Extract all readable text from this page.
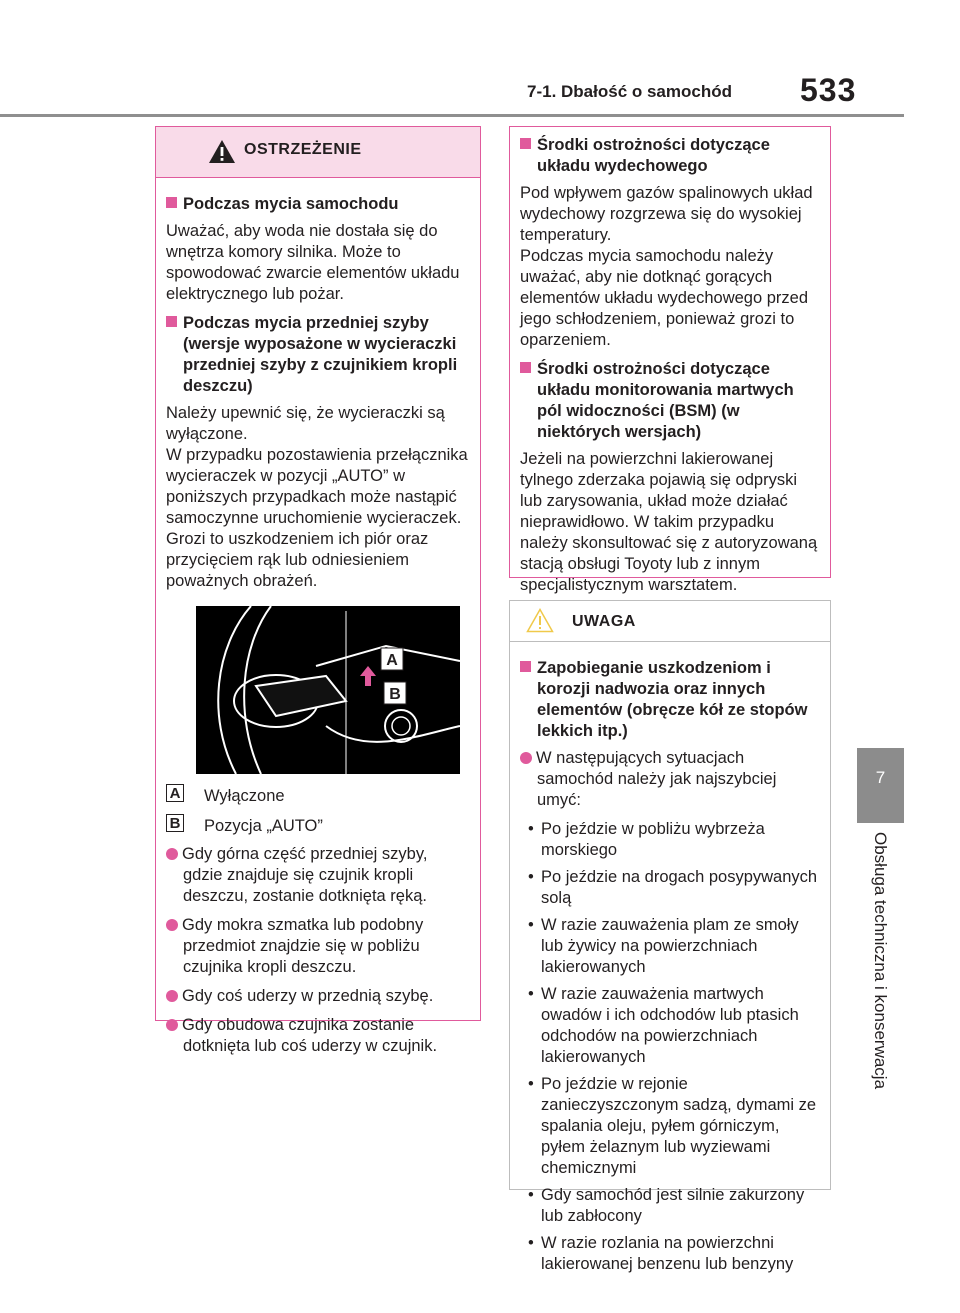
7-1. Dbałość o samochód 533
7
Obsługa techniczna i konserwacja
OSTRZEŻENIE
Podczas mycia samochodu
Uważać, aby woda nie dostała się do wnętrza komory silnika. Może to spowodować zwarcie elementów układu elektrycznego lub pożar.
Podczas mycia przedniej szyby (wersje wyposażone w wycieraczki przedniej szyby z czujnikiem kropli deszczu)
Należy upewnić się, że wycieraczki są wyłączone.
W przypadku pozostawienia przełącznika wycieraczek w pozycji „AUTO” w poniższych przypadkach może nastąpić samoczynne uruchomienie wycieraczek. Grozi to uszkodzeniem ich piór oraz przycięciem rąk lub odniesieniem poważnych obrażeń.
A
B
A Wyłączone
B Pozycja „AUTO”
Gdy górna część przedniej szyby, gdzie znajduje się czujnik kropli deszczu, zostanie dotknięta ręką.
Gdy mokra szmatka lub podobny przedmiot znajdzie się w pobliżu czujnika kropli deszczu.
Gdy coś uderzy w przednią szybę.
Gdy obudowa czujnika zostanie dotknięta lub coś uderzy w czujnik.
Środki ostrożności dotyczące układu wydechowego
Pod wpływem gazów spalinowych układ wydechowy rozgrzewa się do wysokiej temperatury.
Podczas mycia samochodu należy uważać, aby nie dotknąć gorących elementów układu wydechowego przed jego schłodzeniem, ponieważ grozi to oparzeniem.
Środki ostrożności dotyczące układu monitorowania martwych pól widoczności (BSM) (w niektórych wersjach)
Jeżeli na powierzchni lakierowanej tylnego zderzaka pojawią się odpryski lub zarysowania, układ może działać nieprawidłowo. W takim przypadku należy skonsultować się z autoryzowaną stacją obsługi Toyoty lub z innym specjalistycznym warsztatem.
UWAGA
Zapobieganie uszkodzeniom i korozji nadwozia oraz innych elementów (obręcze kół ze stopów lekkich itp.)
W następujących sytuacjach samochód należy jak najszybciej umyć:
• Po jeździe w pobliżu wybrzeża morskiego
• Po jeździe na drogach posypywanych solą
• W razie zauważenia plam ze smoły lub żywicy na powierzchniach lakierowanych
• W razie zauważenia martwych owadów i ich odchodów lub ptasich odchodów na powierzchniach lakierowanych
• Po jeździe w rejonie zanieczyszczonym sadzą, dymami ze spalania oleju, pyłem górniczym, pyłem żelaznym lub wyziewami chemicznymi
• Gdy samochód jest silnie zakurzony lub zabłocony
• W razie rozlania na powierzchni lakierowanej benzenu lub benzyny
